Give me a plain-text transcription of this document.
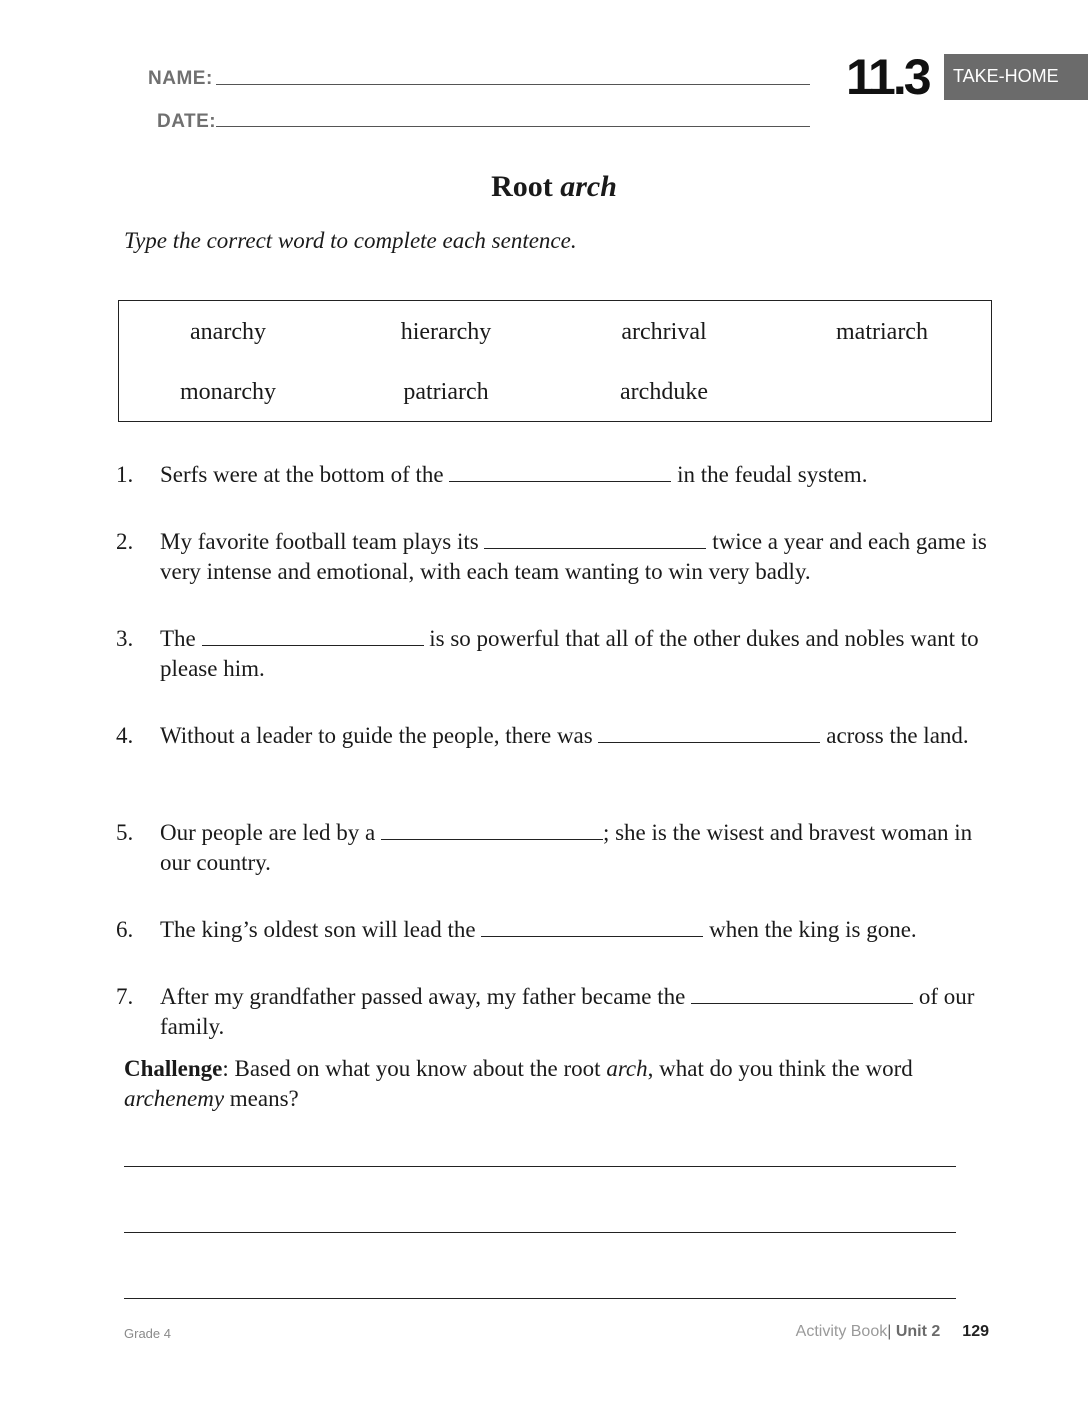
NAME:
DATE:
11.3 TAKE-HOME
Root arch
Type the correct word to complete each sentence.
anarchy	hierarchy	archrival	matriarch
monarchy	patriarch	archduke
1. Serfs were at the bottom of the	in the feudal system.
2. My favorite football team plays its	twice a year and each game is very intense and emotional, with each team wanting to win very badly.
3. The	is so powerful that all of the other dukes and nobles want to please him.
4. Without a leader to guide the people, there was	across the land.
5. Our people are led by a	; she is the wisest and bravest woman in our country.
6. The king’s oldest son will lead the	when the king is gone.
7. After my grandfather passed away, my father became the	of our family.
Challenge: Based on what you know about the root arch, what do you think the word archenemy means?
Grade 4	Activity Book| Unit 2 129
